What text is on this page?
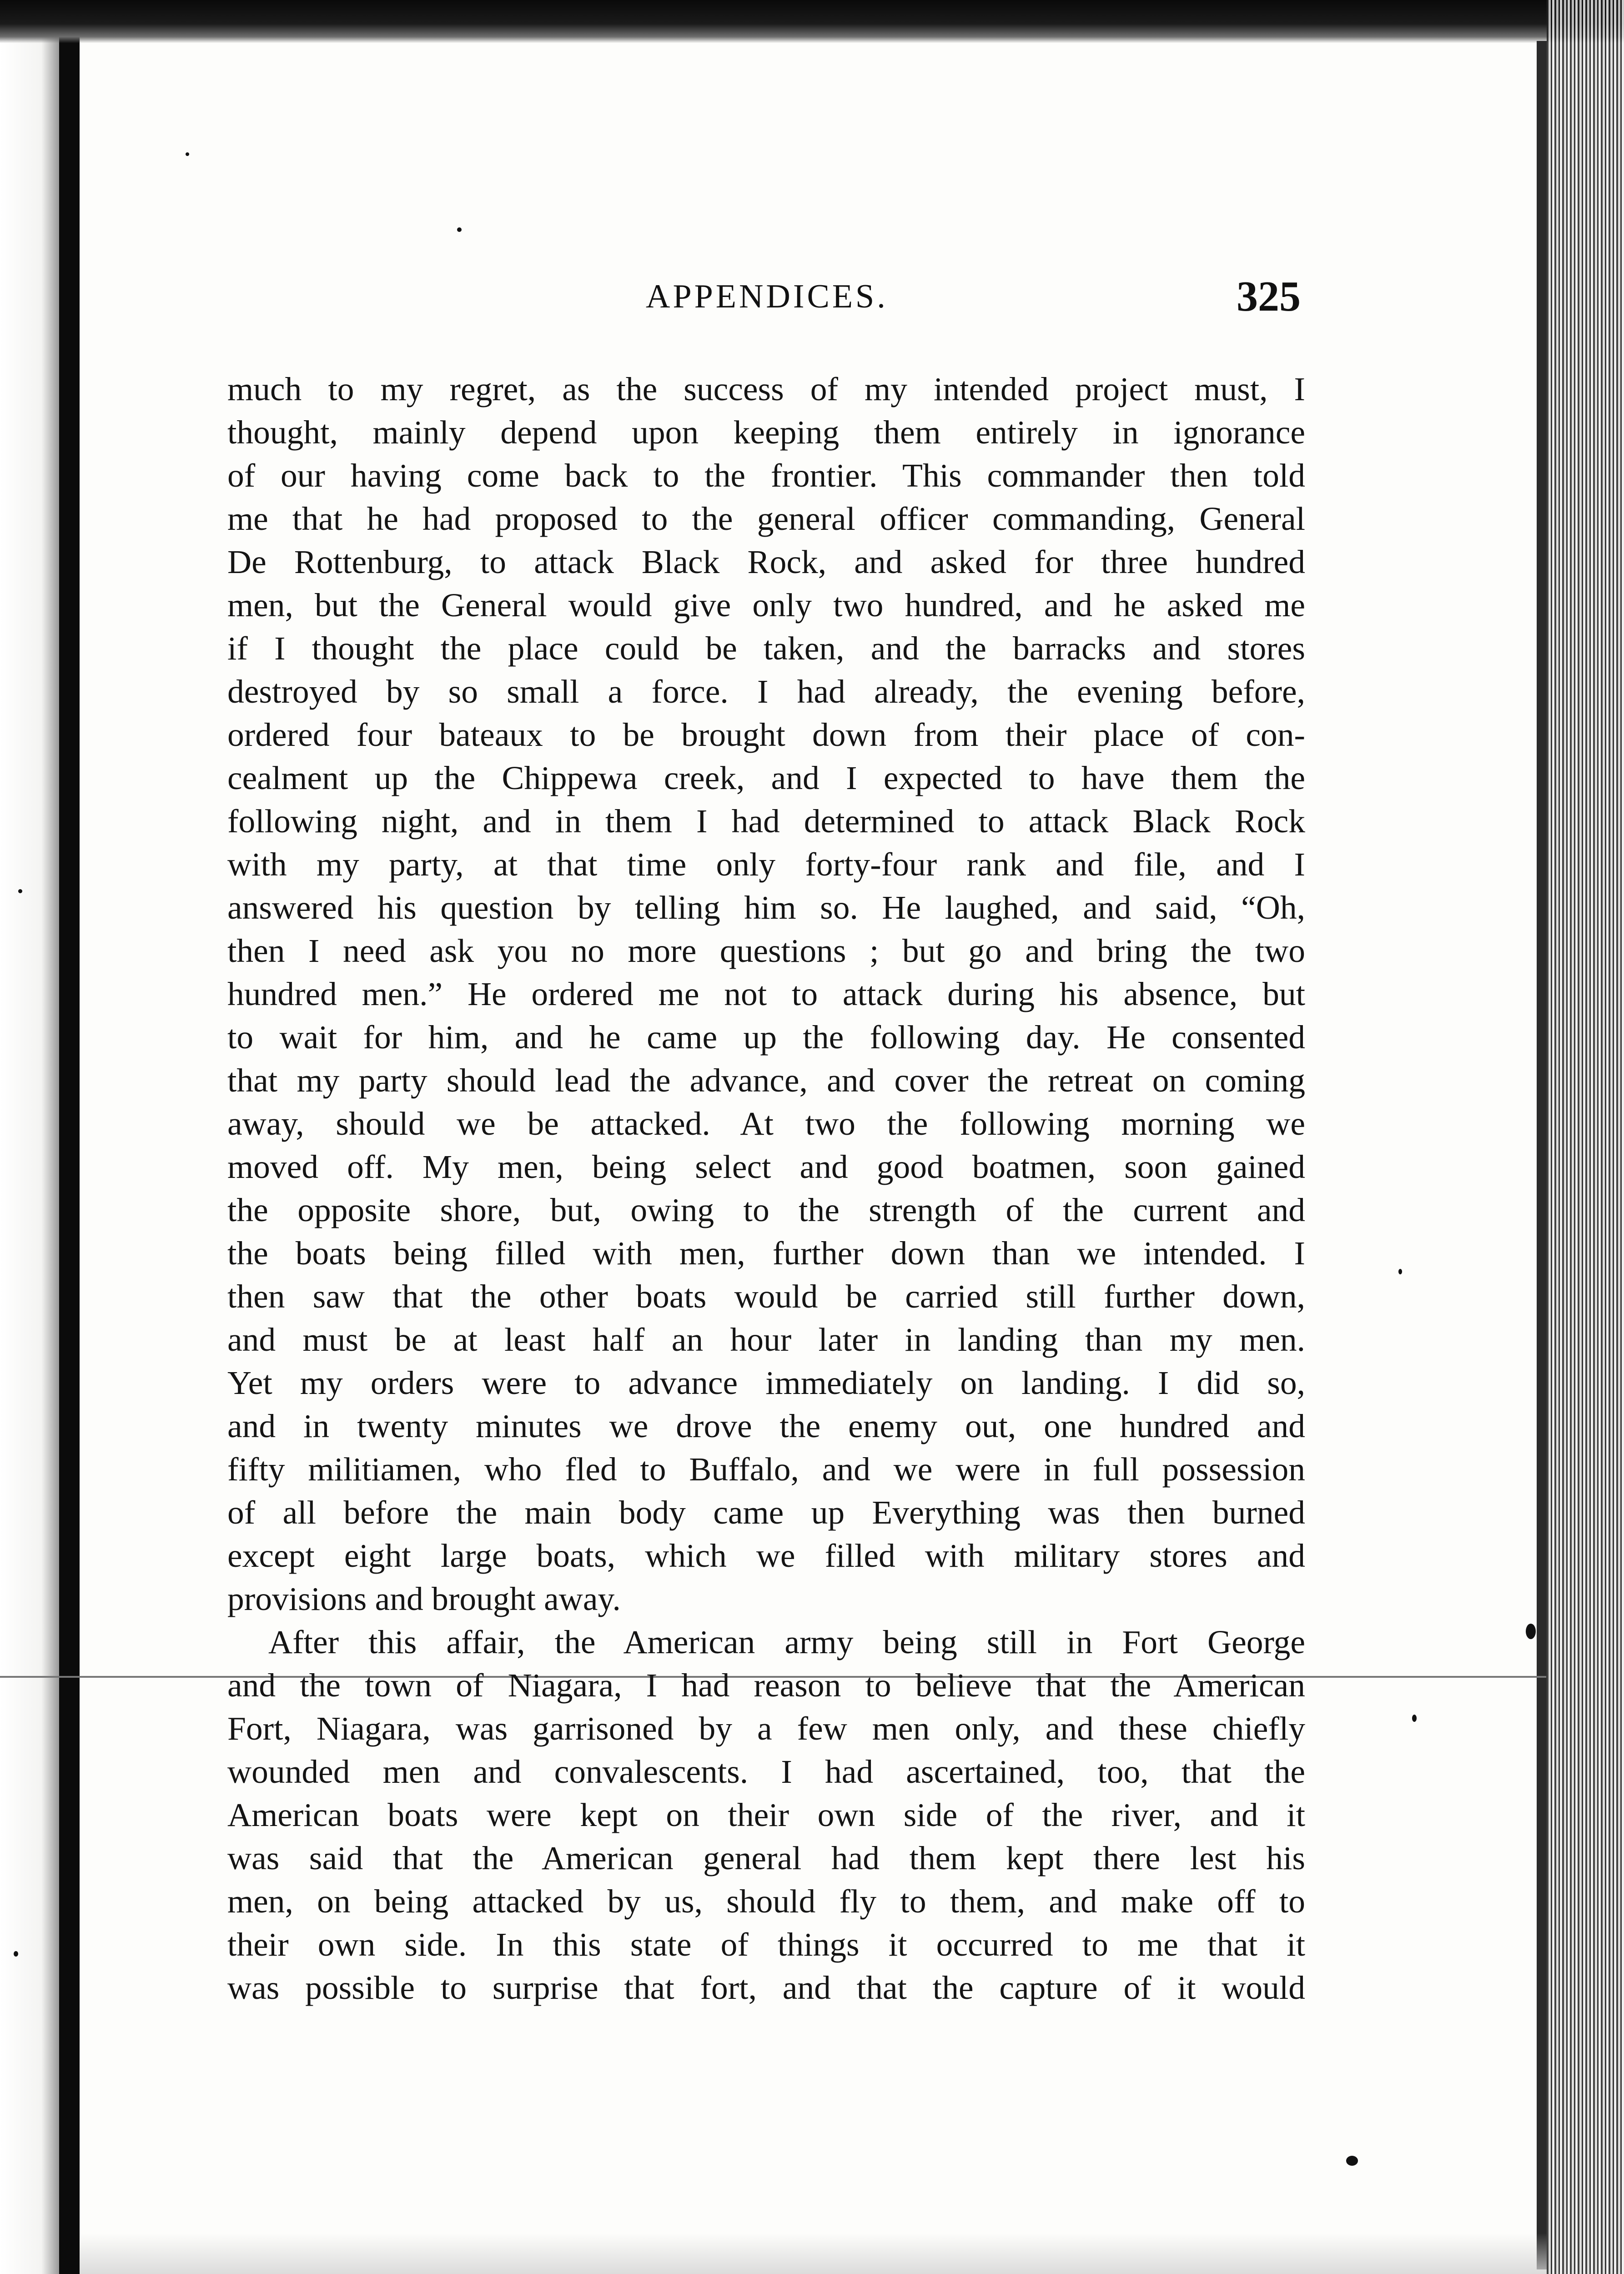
APPENDICES.	325
much to my regret, as the success of my intended project must, I
thought, mainly depend upon keeping them entirely in ignorance
of our having come back to the frontier. This commander then told
me that he had proposed to the general officer commanding, General
De Rottenburg, to attack Black Rock, and asked for three hundred
men, but the General would give only two hundred, and he asked me
if I thought the place could be taken, and the barracks and stores
destroyed by so small a force. I had already, the evening before,
ordered four bateaux to be brought down from their place of con-
cealment up the Chippewa creek, and I expected to have them the
following night, and in them I had determined to attack Black Rock
with my party, at that time only forty-four rank and file, and I
answered his question by telling him so. He laughed, and said, “Oh,
then I need ask you no more questions ; but go and bring the two
hundred men.” He ordered me not to attack during his absence, but
to wait for him, and he came up the following day. He consented
that my party should lead the advance, and cover the retreat on coming
away, should we be attacked. At two the following morning we
moved off. My men, being select and good boatmen, soon gained
the opposite shore, but, owing to the strength of the current and
the boats being filled with men, further down than we intended. I
then saw that the other boats would be carried still further down,
and must be at least half an hour later in landing than my men.
Yet my orders were to advance immediately on landing. I did so,
and in twenty minutes we drove the enemy out, one hundred and
fifty militiamen, who fled to Buffalo, and we were in full possession
of all before the main body came up Everything was then burned
except eight large boats, which we filled with military stores and
provisions and brought away.
After this affair, the American army being still in Fort George
and the town of Niagara, I had reason to believe that the American
Fort, Niagara, was garrisoned by a few men only, and these chiefly
wounded men and convalescents. I had ascertained, too, that the
American boats were kept on their own side of the river, and it
was said that the American general had them kept there lest his
men, on being attacked by us, should fly to them, and make off to
their own side. In this state of things it occurred to me that it
was possible to surprise that fort, and that the capture of it would
